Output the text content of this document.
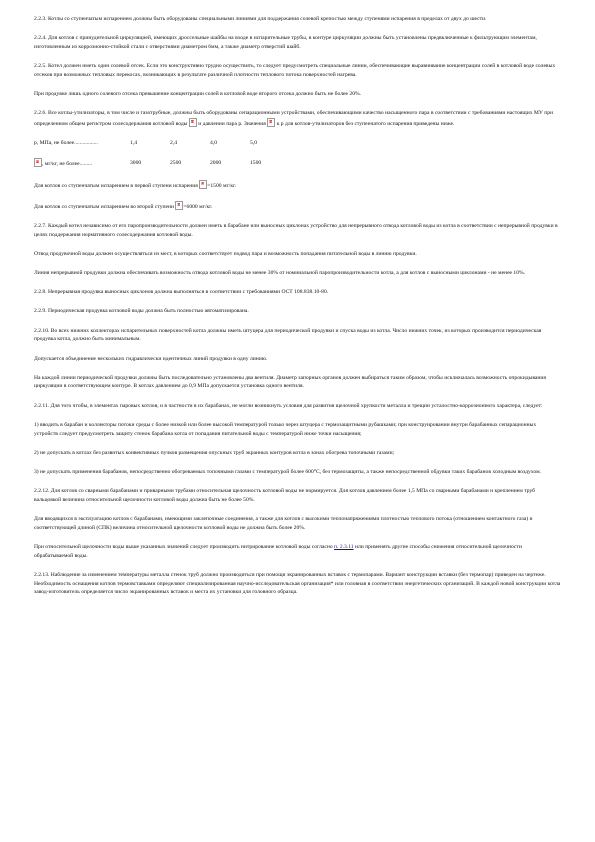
2.2.3. Котлы со ступенчатым испарением должны быть оборудованы специальными линиями для поддержания солевой крепостью между ступенями испарения в пределах от двух до шести.

2.2.4. Для котлов с принудительной циркуляцией, имеющих дроссельные шайбы на входе в испарительные трубы, в контуре циркуляции должны быть установлены предвключенные к фильтрующим элементам, изготовленным из коррозионно-стойкой стали с отверстиями диаметром 6мм, а также диаметр отверстий шайб.

2.2.5. Котел должен иметь один солевой отсек. Если это конструктивно трудно осуществить, то следует предусмотреть специальные линии, обеспечивающие выравнивание концентрации солей в котловой воде солевых отсеков при возможных тепловых перекосах, возникающих в результате различной плотности теплового потока поверхностей нагрева.

При продувке лишь одного солевого отсека превышение концентрации солей в котловой воде второго отсека должно быть не более 20%.

2.2.6. Все котлы-утилизаторы, в том числе и газотрубные, должны быть оборудованы сепарационными устройствами, обеспечивающими качество насыщенного пара в соответствии с требованиями настоящих МУ при определенном общем регистром солесодержания котловой воды и давлении пара р. Значения к р для котлов-утилизаторов без ступенчатого испарения приведены ниже.

р, МПа, не более.................	1,4	2,4	4,0	5,0
, мг/кг, не более.........	3000	2500	2000	1500

Для котлов со ступенчатым испарением в первой ступени испарения =1500 мг/кг.

Для котлов со ступенчатым испарением во второй ступени =6000 мг/кг.

2.2.7. Каждый котел независимо от его паропроизводительности должен иметь в барабане или выносных циклонах устройство для непрерывного отвода котловой воды из котла в соответствии с непрерывной продувки в целях поддержания нормативного солесодержания котловой воды.

Отвод продувочной воды должен осуществляться из мест, в которых соответствует подвод пара и возможность попадания питательной воды в линию продувки.

Линия непрерывной продувки должна обеспечивать возможность отвода котловой воды не менее 30% от номинальной паропроизводительности котла, а для котлов с выносными циклонами - не менее 10%.

2.2.8. Непрерывная продувка выносных циклонов должна выполняться в соответствии с требованиями ОСТ 108.838.10-80.

2.2.9. Периодическая продувка котловой воды должна быть полностью автоматизирована.

2.2.10. Во всех нижних коллекторах испарительных поверхностей котла должны иметь штуцера для периодической продувки и спуска воды из котла. Число нижних точек, из которых производится периодическая продувка котла, должно быть минимальным.

Допускается объединение нескольких гидравлически идентичных линий продувки в одну линию.

На каждой линии периодической продувки должны быть последовательно установлены два вентиля. Диаметр запорных органов должен выбираться таким образом, чтобы исключалась возможность опрокидывания циркуляции в соответствующем контуре. В котлах давлением до 0,9 МПа допускается установка одного вентиля.

2.2.11. Для того чтобы, в элементах паровых котлов, и в частности в их барабанах, не могли возникнуть условия для развития щелочной хрупкости металла и трещин усталостно-коррозионного характера, следует:

1) вводить в барабан и коллекторы потоки среды с более низкой или более высокой температурой только через штуцера с термозащитными рубашками; при конструировании внутри барабанных сепарационных устройств следует предусмотреть защиту стенок барабана котла от попадания питательной воды с температурой ниже точки насыщения;

2) не допускать в котлах без развитых конвективных пучков размещения опускных труб экранных контуров котла в зонах обогрева топочными газами;

3) не допускать применения барабанов, непосредственно обогреваемых топочными газами с температурой более 600°С, без термозащиты, а также непосредственной обдувки таких барабанов холодным воздухом.

2.2.12. Для котлов со сварными барабанами и приварными трубами относительная щелочность котловой воды не нормируется. Для котлов давлением более 1,5 МПа со сварными барабанами и креплением труб вальцовкой величина относительной щелочности котловой воды должна быть не более 50%.

Для вводящихся в эксплуатацию котлов с барабанами, имеющими заклепочные соединения, а также для котлов с высокими теплонапряжениями плотностью теплового потока (отношением контактного газа) и соответствующей длиной (СПК) величина относительной щелочности котловой воды не должна быть более 20%.

При относительной щелочности воды выше указанных значений следует производить нитрирование котловой воды согласно п. 2.3.11 или применять другие способы снижения относительной щелочности обрабатываемой воды.

2.2.13. Наблюдение за изменением температуры металла стенок труб должно производиться при помощи экранированных вставок с термопарами. Вариант конструкции вставки (без термопар) приведен на чертеже. Необходимость оснащения котлов термовставками определяют специализированная научно-исследовательская организация* или головная в соответствии энергетических организаций. В каждой новой конструкции котла завод-изготовитель определяется число экранированных вставок и места их установки для головного образца.
